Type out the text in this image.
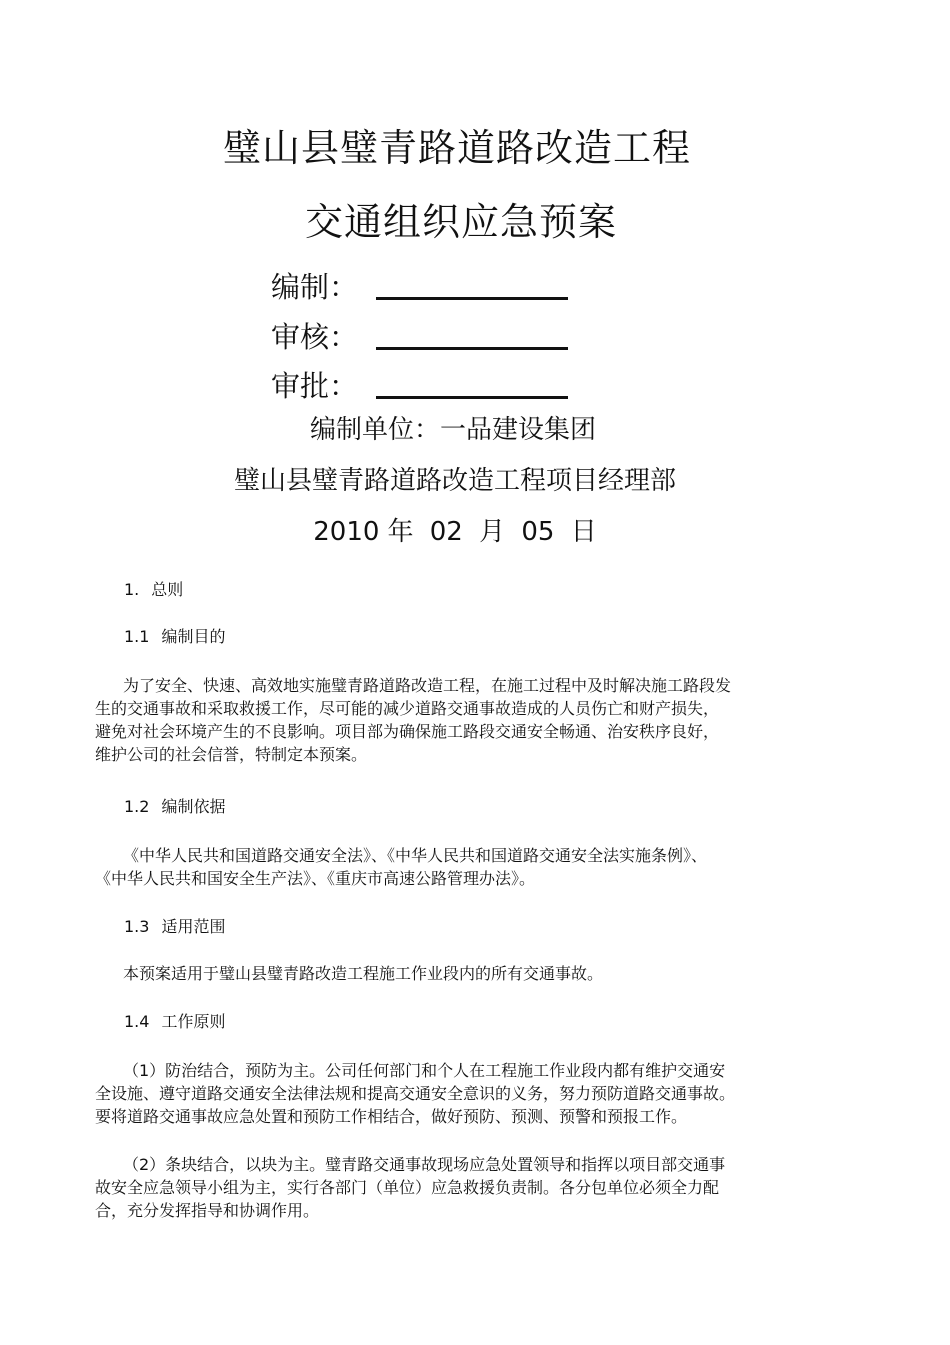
璧山县璧青路道路改造工程
交通组织应急预案
编制：
审核：
审批：
编制单位：一品建设集团
璧山县璧青路道路改造工程项目经理部
2010 年 02 月 05 日
1. 总则
1.1 编制目的
为了安全、快速、高效地实施璧青路道路改造工程，在施工过程中及时解决施工路段发
生的交通事故和采取救援工作，尽可能的减少道路交通事故造成的人员伤亡和财产损失，
避免对社会环境产生的不良影响。项目部为确保施工路段交通安全畅通、治安秩序良好，
维护公司的社会信誉，特制定本预案。
1.2 编制依据
《中华人民共和国道路交通安全法》、《中华人民共和国道路交通安全法实施条例》、
《中华人民共和国安全生产法》、《重庆市高速公路管理办法》。
1.3 适用范围
本预案适用于璧山县璧青路改造工程施工作业段内的所有交通事故。
1.4 工作原则
（1）防治结合，预防为主。公司任何部门和个人在工程施工作业段内都有维护交通安
全设施、遵守道路交通安全法律法规和提高交通安全意识的义务，努力预防道路交通事故。
要将道路交通事故应急处置和预防工作相结合，做好预防、预测、预警和预报工作。
（2）条块结合，以块为主。璧青路交通事故现场应急处置领导和指挥以项目部交通事
故安全应急领导小组为主，实行各部门（单位）应急救援负责制。各分包单位必须全力配
合，充分发挥指导和协调作用。
